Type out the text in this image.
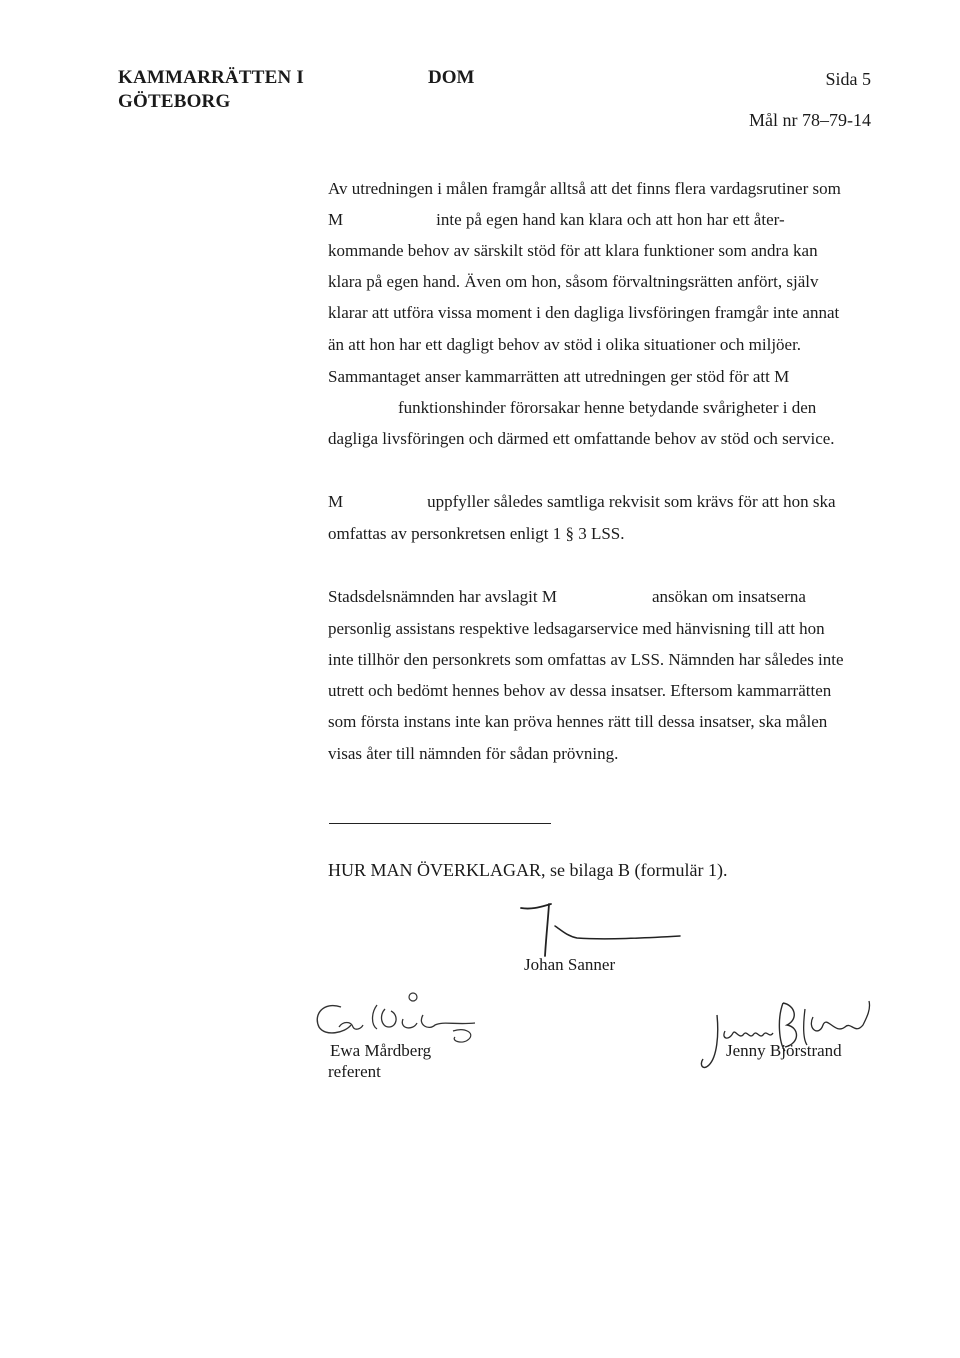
KAMMARRÄTTEN I
GÖTEBORG
DOM	Sida 5
Mål nr 78–79-14
Av utredningen i målen framgår alltså att det finns flera vardagsrutiner som
M	inte på egen hand kan klara och att hon har ett åter-
kommande behov av särskilt stöd för att klara funktioner som andra kan
klara på egen hand. Även om hon, såsom förvaltningsrätten anfört, själv
klarar att utföra vissa moment i den dagliga livsföringen framgår inte annat
än att hon har ett dagligt behov av stöd i olika situationer och miljöer.
Sammantaget anser kammarrätten att utredningen ger stöd för att M
funktionshinder förorsakar henne betydande svårigheter i den
dagliga livsföringen och därmed ett omfattande behov av stöd och service.
M	uppfyller således samtliga rekvisit som krävs för att hon ska
omfattas av personkretsen enligt 1 § 3 LSS.
Stadsdelsnämnden har avslagit M	ansökan om insatserna
personlig assistans respektive ledsagarservice med hänvisning till att hon
inte tillhör den personkrets som omfattas av LSS. Nämnden har således inte
utrett och bedömt hennes behov av dessa insatser. Eftersom kammarrätten
som första instans inte kan pröva hennes rätt till dessa insatser, ska målen
visas åter till nämnden för sådan prövning.
HUR MAN ÖVERKLAGAR, se bilaga B (formulär 1).
Johan Sanner
Ewa Mårdberg
referent
Jenny Björstrand
